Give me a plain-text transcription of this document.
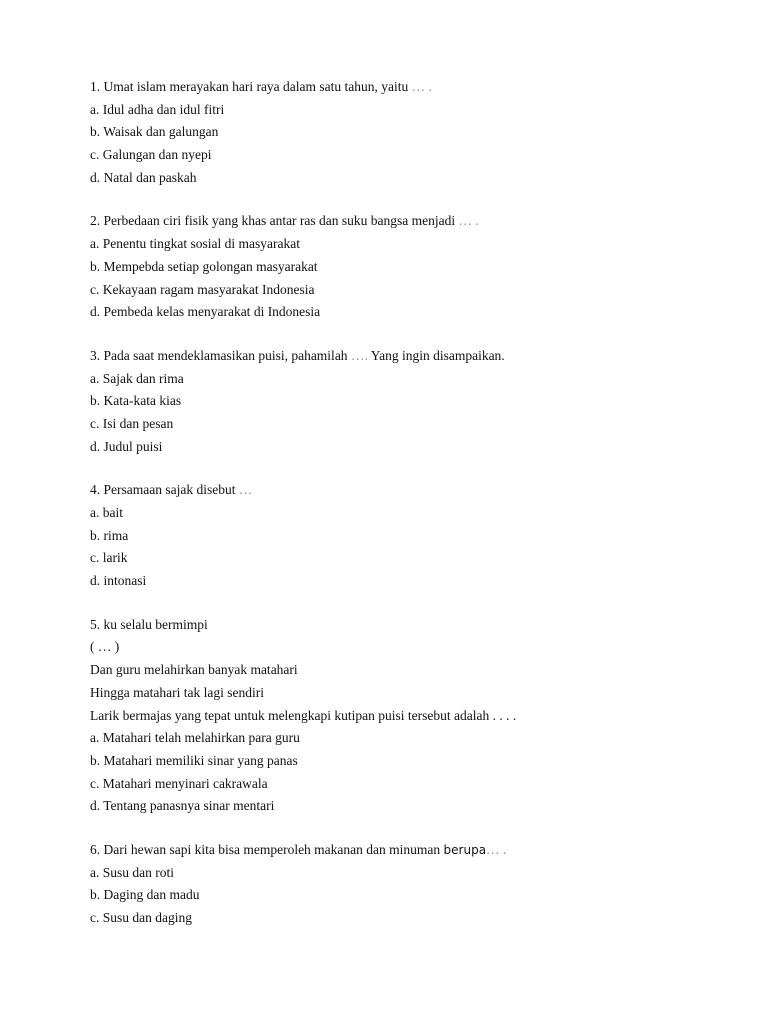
1. Umat islam merayakan hari raya dalam satu tahun, yaitu … .
a. Idul adha dan idul fitri
b. Waisak dan galungan
c. Galungan dan nyepi
d. Natal dan paskah
2. Perbedaan ciri fisik yang khas antar ras dan suku bangsa menjadi … .
a. Penentu tingkat sosial di masyarakat
b. Mempebda setiap golongan masyarakat
c. Kekayaan ragam masyarakat Indonesia
d. Pembeda kelas menyarakat di Indonesia
3. Pada saat mendeklamasikan puisi, pahamilah …. Yang ingin disampaikan.
a. Sajak dan rima
b. Kata-kata kias
c. Isi dan pesan
d. Judul puisi
4. Persamaan sajak disebut …
a. bait
b. rima
c. larik
d. intonasi
5. ku selalu bermimpi
( … )
Dan guru melahirkan banyak matahari
Hingga matahari tak lagi sendiri
Larik bermajas yang tepat untuk melengkapi kutipan puisi tersebut adalah . . . .
a. Matahari telah melahirkan para guru
b. Matahari memiliki sinar yang panas
c. Matahari menyinari cakrawala
d. Tentang panasnya sinar mentari
6. Dari hewan sapi kita bisa memperoleh makanan dan minuman berupa… .
a. Susu dan roti
b. Daging dan madu
c. Susu dan daging
